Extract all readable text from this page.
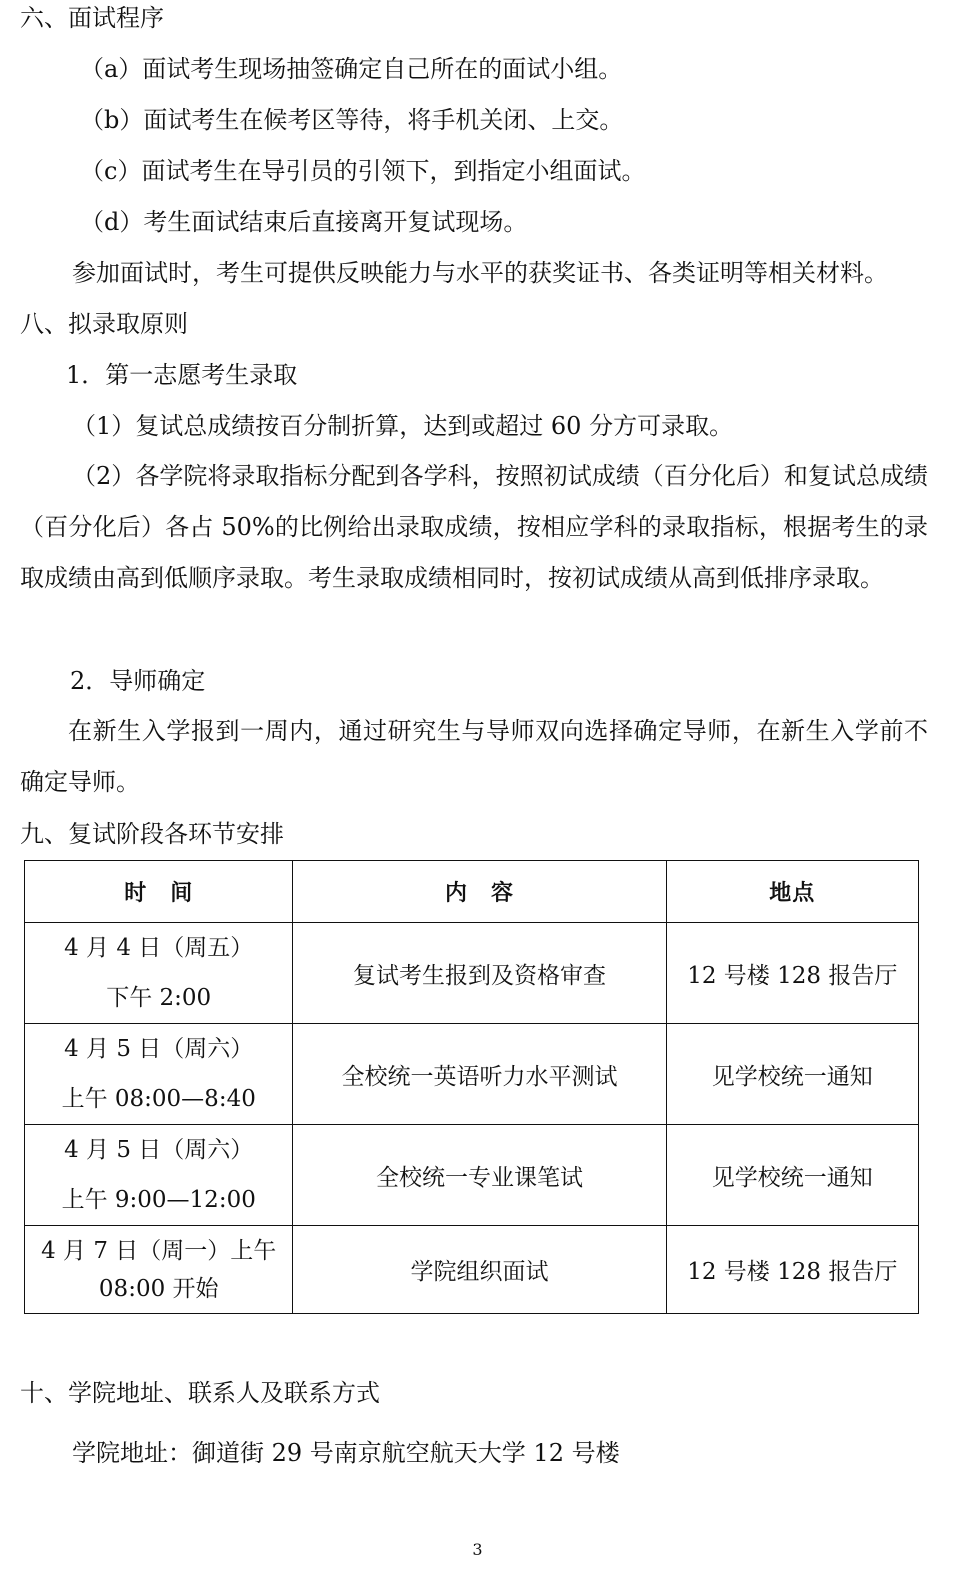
六、面试程序
（a）面试考生现场抽签确定自己所在的面试小组。
（b）面试考生在候考区等待，将手机关闭、上交。
（c）面试考生在导引员的引领下，到指定小组面试。
（d）考生面试结束后直接离开复试现场。
参加面试时，考生可提供反映能力与水平的获奖证书、各类证明等相关材料。
八、拟录取原则
1．第一志愿考生录取
（1）复试总成绩按百分制折算，达到或超过 60 分方可录取。
（2）各学院将录取指标分配到各学科，按照初试成绩（百分化后）和复试总成绩（百分化后）各占 50%的比例给出录取成绩，按相应学科的录取指标，根据考生的录取成绩由高到低顺序录取。考生录取成绩相同时，按初试成绩从高到低排序录取。
2．导师确定
在新生入学报到一周内，通过研究生与导师双向选择确定导师，在新生入学前不确定导师。
九、复试阶段各环节安排
时　间	内　容	地点

4 月 4 日（周五）
下午 2:00	复试考生报到及资格审查	12 号楼 128 报告厅

4 月 5 日（周六）
上午 08:00—8:40	全校统一英语听力水平测试	见学校统一通知

4 月 5 日（周六）
上午 9:00—12:00	全校统一专业课笔试	见学校统一通知

4 月 7 日（周一）上午
08:00 开始	学院组织面试	12 号楼 128 报告厅
十、学院地址、联系人及联系方式
学院地址：御道街 29 号南京航空航天大学 12 号楼
3
